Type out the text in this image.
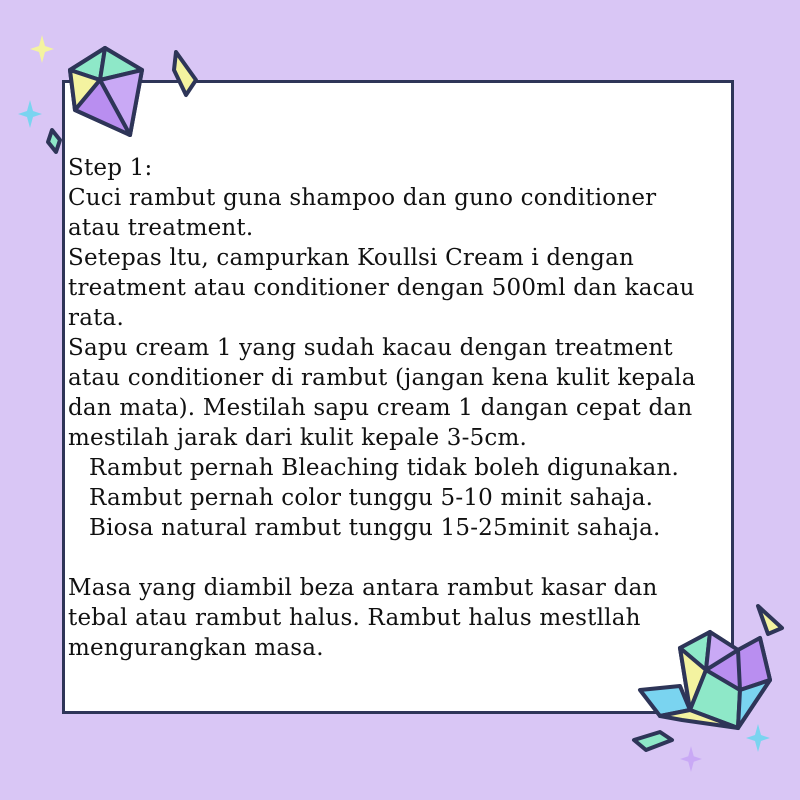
Step 1:
Cuci rambut guna shampoo dan guno conditioner
atau treatment.
Setepas ltu, campurkan Koullsi Cream i dengan
treatment atau conditioner dengan 500ml dan kacau
rata.
Sapu cream 1 yang sudah kacau dengan treatment
atau conditioner di rambut (jangan kena kulit kepala
dan mata). Mestilah sapu cream 1 dangan cepat dan
mestilah jarak dari kulit kepale 3-5cm.
Rambut pernah Bleaching tidak boleh digunakan.
Rambut pernah color tunggu 5-10 minit sahaja.
Biosa natural rambut tunggu 15-25minit sahaja.
Masa yang diambil beza antara rambut kasar dan
tebal atau rambut halus. Rambut halus mestllah
mengurangkan masa.
